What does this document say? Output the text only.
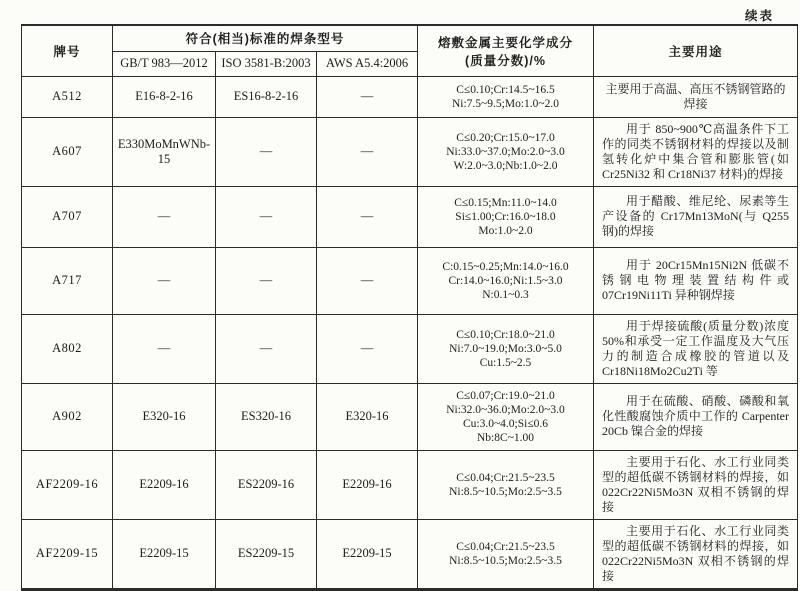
续表
牌号	符合(相当)标准的焊条型号			熔敷金属主要化学成分
(质量分数)/%	主要用途
	GB/T 983—2012	ISO 3581-B:2003	AWS A5.4:2006		
A512	E16-8-2-16	ES16-8-2-16	—	C≤0.10;Cr:14.5~16.5
Ni:7.5~9.5;Mo:1.0~2.0	主要用于高温、高压不锈钢管路的焊接
A607	E330MoMnWNb-15	—	—	C≤0.20;Cr:15.0~17.0
Ni:33.0~37.0;Mo:2.0~3.0
W:2.0~3.0;Nb:1.0~2.0	用于 850~900℃高温条件下工作的同类不锈钢材料的焊接以及制氢转化炉中集合管和膨胀管(如 Cr25Ni32 和 Cr18Ni37 材料)的焊接
A707	—	—	—	C≤0.15;Mn:11.0~14.0
Si≤1.00;Cr:16.0~18.0
Mo:1.0~2.0	用于醋酸、维尼纶、尿素等生产设备的 Cr17Mn13MoN(与 Q255 钢)的焊接
A717	—	—	—	C:0.15~0.25;Mn:14.0~16.0
Cr:14.0~16.0;Ni:1.5~3.0
N:0.1~0.3	用于 20Cr15Mn15Ni2N 低碳不锈钢电物理装置结构件或 07Cr19Ni11Ti 异种钢焊接
A802	—	—	—	C≤0.10;Cr:18.0~21.0
Ni:7.0~19.0;Mo:3.0~5.0
Cu:1.5~2.5	用于焊接硫酸(质量分数)浓度 50%和承受一定工作温度及大气压力的制造合成橡胶的管道以及 Cr18Ni18Mo2Cu2Ti 等
A902	E320-16	ES320-16	E320-16	C≤0.07;Cr:19.0~21.0
Ni:32.0~36.0;Mo:2.0~3.0
Cu:3.0~4.0;Si≤0.6
Nb:8C~1.00	用于在硫酸、硝酸、磷酸和氧化性酸腐蚀介质中工作的 Carpenter 20Cb 镍合金的焊接
AF2209-16	E2209-16	ES2209-16	E2209-16	C≤0.04;Cr:21.5~23.5
Ni:8.5~10.5;Mo:2.5~3.5	主要用于石化、水工行业同类型的超低碳不锈钢材料的焊接，如 022Cr22Ni5Mo3N 双相不锈钢的焊接
AF2209-15	E2209-15	ES2209-15	E2209-15	C≤0.04;Cr:21.5~23.5
Ni:8.5~10.5;Mo:2.5~3.5	主要用于石化、水工行业同类型的超低碳不锈钢材料的焊接，如 022Cr22Ni5Mo3N 双相不锈钢的焊接
